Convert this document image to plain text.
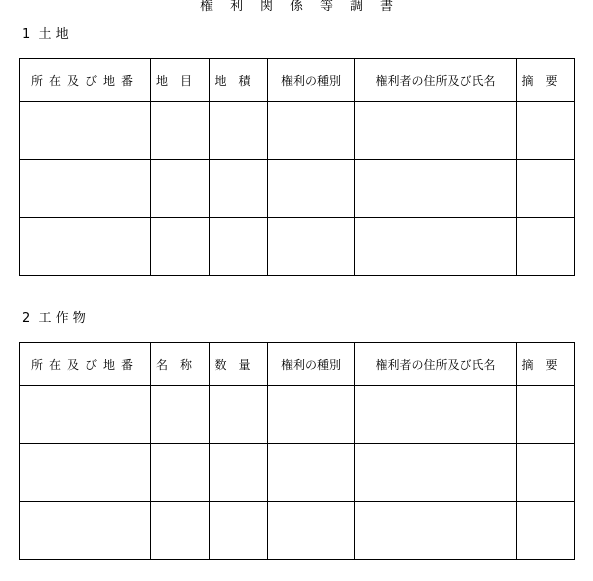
権利関係等調書
1  土 地
所在及び地番	地目	地積	権利の種別	権利者の住所及び氏名	摘要

2  工 作 物
所在及び地番	名称	数量	権利の種別	権利者の住所及び氏名	摘要
